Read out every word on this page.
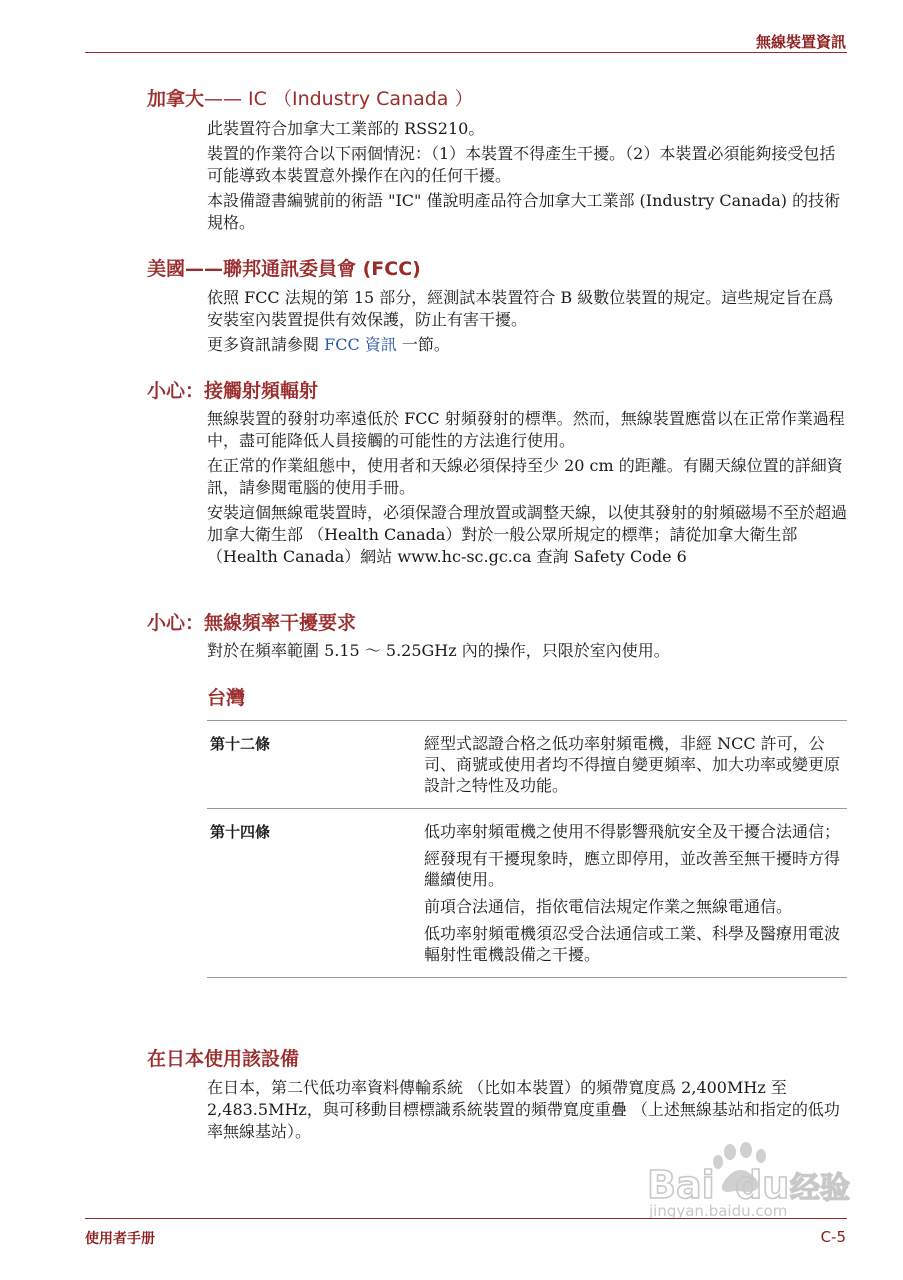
無線裝置資訊
加拿大—— IC （Industry Canada ）

此裝置符合加拿大工業部的 RSS210。

裝置的作業符合以下兩個情況：（1）本裝置不得產生干擾。（2）本裝置必須能夠接受包括可能導致本裝置意外操作在內的任何干擾。

本設備證書編號前的術語 "IC" 僅說明產品符合加拿大工業部 (Industry Canada) 的技術規格。

美國——聯邦通訊委員會 (FCC)

依照 FCC 法規的第 15 部分，經測試本裝置符合 B 級數位裝置的規定。這些規定旨在爲安裝室內裝置提供有效保護，防止有害干擾。

更多資訊請參閱 FCC 資訊 一節。

小心：接觸射頻輻射

無線裝置的發射功率遠低於 FCC 射頻發射的標準。然而，無線裝置應當以在正常作業過程中，盡可能降低人員接觸的可能性的方法進行使用。

在正常的作業組態中，使用者和天線必須保持至少 20 cm 的距離。有關天線位置的詳細資訊，請參閱電腦的使用手冊。

安裝這個無線電裝置時，必須保證合理放置或調整天線，以使其發射的射頻磁場不至於超過加拿大衛生部 （Health Canada）對於一般公眾所規定的標準；請從加拿大衛生部 （Health Canada）網站 www.hc-sc.gc.ca 查詢 Safety Code 6

小心：無線頻率干擾要求

對於在頻率範圍 5.15 ～ 5.25GHz 內的操作，只限於室內使用。

台灣
第十二條	經型式認證合格之低功率射頻電機，非經 NCC 許可，公司、商號或使用者均不得擅自變更頻率、加大功率或變更原設計之特性及功能。

第十四條	低功率射頻電機之使用不得影響飛航安全及干擾合法通信；

經發現有干擾現象時，應立即停用，並改善至無干擾時方得繼續使用。

前項合法通信，指依電信法規定作業之無線電通信。

低功率射頻電機須忍受合法通信或工業、科學及醫療用電波輻射性電機設備之干擾。

在日本使用該設備

在日本，第二代低功率資料傳輸系統 （比如本裝置）的頻帶寬度爲 2,400MHz 至 2,483.5MHz，與可移動目標標識系統裝置的頻帶寬度重疊 （上述無線基站和指定的低功率無線基站）。

Bai du 经验
jingyan.baidu.com
使用者手册	C-5
